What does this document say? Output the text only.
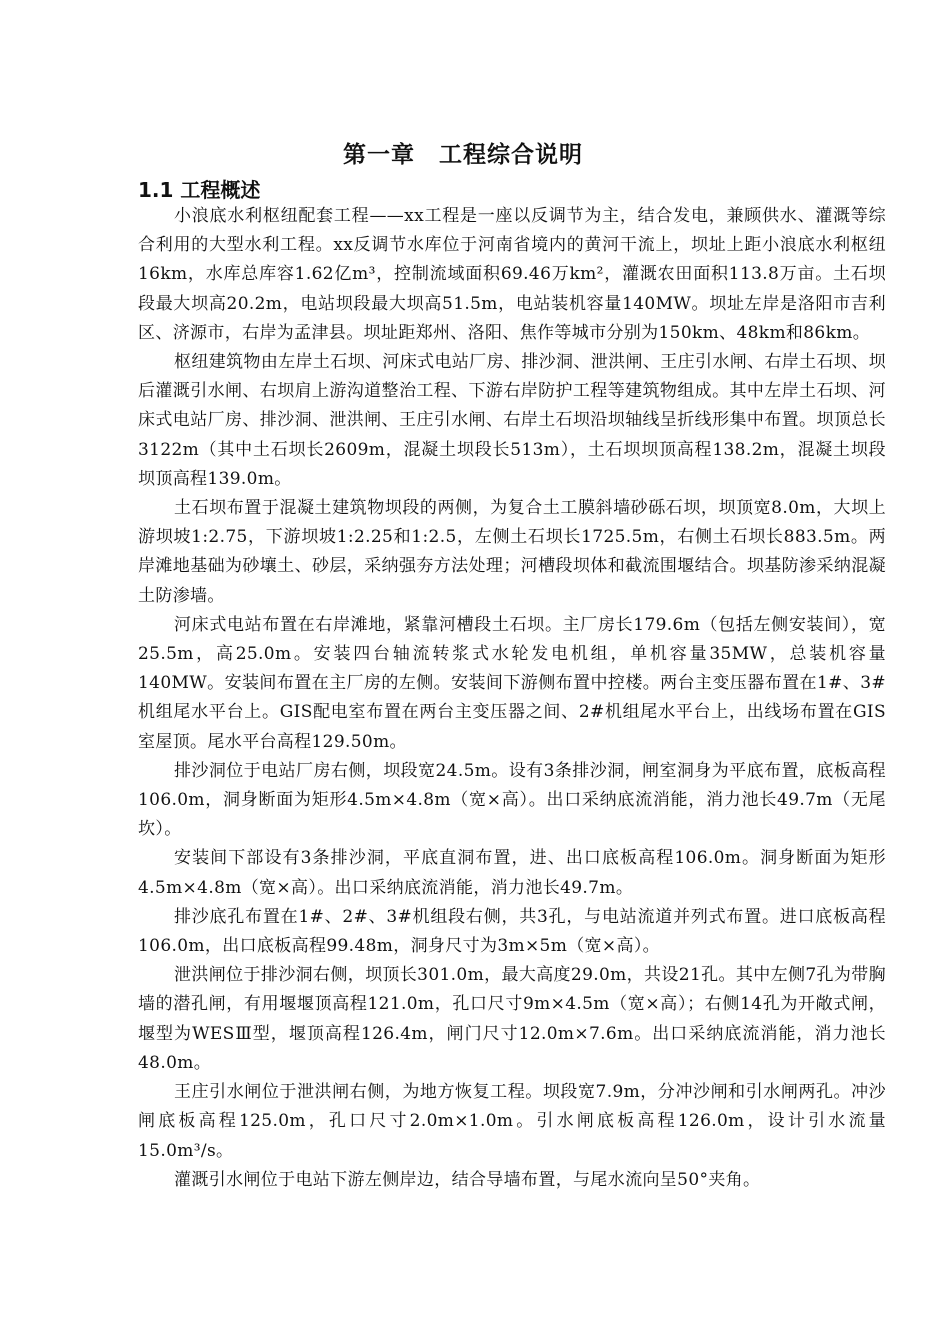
第一章　工程综合说明
1.1 工程概述

小浪底水利枢纽配套工程——xx工程是一座以反调节为主，结合发电，兼顾供水、灌溉等综合利用的大型水利工程。xx反调节水库位于河南省境内的黄河干流上，坝址上距小浪底水利枢纽16km，水库总库容1.62亿m³，控制流域面积69.46万km²，灌溉农田面积113.8万亩。土石坝段最大坝高20.2m，电站坝段最大坝高51.5m，电站装机容量140MW。坝址左岸是洛阳市吉利区、济源市，右岸为孟津县。坝址距郑州、洛阳、焦作等城市分别为150km、48km和86km。

枢纽建筑物由左岸土石坝、河床式电站厂房、排沙洞、泄洪闸、王庄引水闸、右岸土石坝、坝后灌溉引水闸、右坝肩上游沟道整治工程、下游右岸防护工程等建筑物组成。其中左岸土石坝、河床式电站厂房、排沙洞、泄洪闸、王庄引水闸、右岸土石坝沿坝轴线呈折线形集中布置。坝顶总长3122m（其中土石坝长2609m，混凝土坝段长513m），土石坝坝顶高程138.2m，混凝土坝段坝顶高程139.0m。

土石坝布置于混凝土建筑物坝段的两侧，为复合土工膜斜墙砂砾石坝，坝顶宽8.0m，大坝上游坝坡1:2.75，下游坝坡1:2.25和1:2.5，左侧土石坝长1725.5m，右侧土石坝长883.5m。两岸滩地基础为砂壤土、砂层，采纳强夯方法处理；河槽段坝体和截流围堰结合。坝基防渗采纳混凝土防渗墙。

河床式电站布置在右岸滩地，紧靠河槽段土石坝。主厂房长179.6m（包括左侧安装间），宽25.5m，高25.0m。安装四台轴流转浆式水轮发电机组，单机容量35MW，总装机容量140MW。安装间布置在主厂房的左侧。安装间下游侧布置中控楼。两台主变压器布置在1#、3#机组尾水平台上。GIS配电室布置在两台主变压器之间、2#机组尾水平台上，出线场布置在GIS室屋顶。尾水平台高程129.50m。

排沙洞位于电站厂房右侧，坝段宽24.5m。设有3条排沙洞，闸室洞身为平底布置，底板高程106.0m，洞身断面为矩形4.5m×4.8m（宽×高）。出口采纳底流消能，消力池长49.7m（无尾坎）。

安装间下部设有3条排沙洞，平底直洞布置，进、出口底板高程106.0m。洞身断面为矩形4.5m×4.8m（宽×高）。出口采纳底流消能，消力池长49.7m。

排沙底孔布置在1#、2#、3#机组段右侧，共3孔，与电站流道并列式布置。进口底板高程106.0m，出口底板高程99.48m，洞身尺寸为3m×5m（宽×高）。

泄洪闸位于排沙洞右侧，坝顶长301.0m，最大高度29.0m，共设21孔。其中左侧7孔为带胸墙的潜孔闸，有用堰堰顶高程121.0m，孔口尺寸9m×4.5m（宽×高）；右侧14孔为开敞式闸，堰型为WESⅢ型，堰顶高程126.4m，闸门尺寸12.0m×7.6m。出口采纳底流消能，消力池长48.0m。

王庄引水闸位于泄洪闸右侧，为地方恢复工程。坝段宽7.9m，分冲沙闸和引水闸两孔。冲沙闸底板高程125.0m，孔口尺寸2.0m×1.0m。引水闸底板高程126.0m，设计引水流量15.0m³/s。

灌溉引水闸位于电站下游左侧岸边，结合导墙布置，与尾水流向呈50°夹角。
